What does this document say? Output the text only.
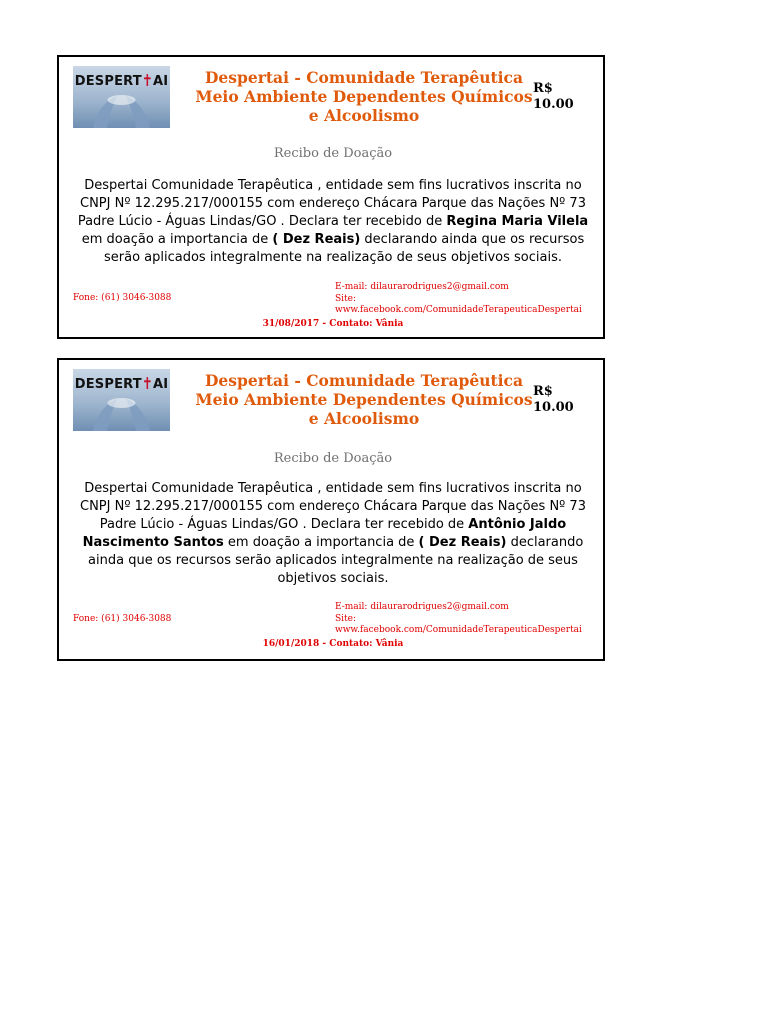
DESPERT✝AI	Despertai - Comunidade Terapêutica
Meio Ambiente Dependentes Químicos
e Alcoolismo
R$
10.00
Recibo de Doação
Despertai Comunidade Terapêutica , entidade sem fins lucrativos inscrita no CNPJ Nº 12.295.217/000155 com endereço Chácara Parque das Nações Nº 73 Padre Lúcio - Águas Lindas/GO . Declara ter recebido de Regina Maria Vilela em doação a importancia de ( Dez Reais) declarando ainda que os recursos serão aplicados integralmente na realização de seus objetivos sociais.
Fone: (61) 3046-3088
E-mail: dilaurarodrigues2@gmail.com
Site:
www.facebook.com/ComunidadeTerapeuticaDespertai
31/08/2017 - Contato: Vânia
DESPERT✝AI	Despertai - Comunidade Terapêutica
Meio Ambiente Dependentes Químicos
e Alcoolismo
R$
10.00
Recibo de Doação
Despertai Comunidade Terapêutica , entidade sem fins lucrativos inscrita no CNPJ Nº 12.295.217/000155 com endereço Chácara Parque das Nações Nº 73 Padre Lúcio - Águas Lindas/GO . Declara ter recebido de Antônio Jaldo Nascimento Santos em doação a importancia de ( Dez Reais) declarando ainda que os recursos serão aplicados integralmente na realização de seus objetivos sociais.
Fone: (61) 3046-3088
E-mail: dilaurarodrigues2@gmail.com
Site:
www.facebook.com/ComunidadeTerapeuticaDespertai
16/01/2018 - Contato: Vânia
